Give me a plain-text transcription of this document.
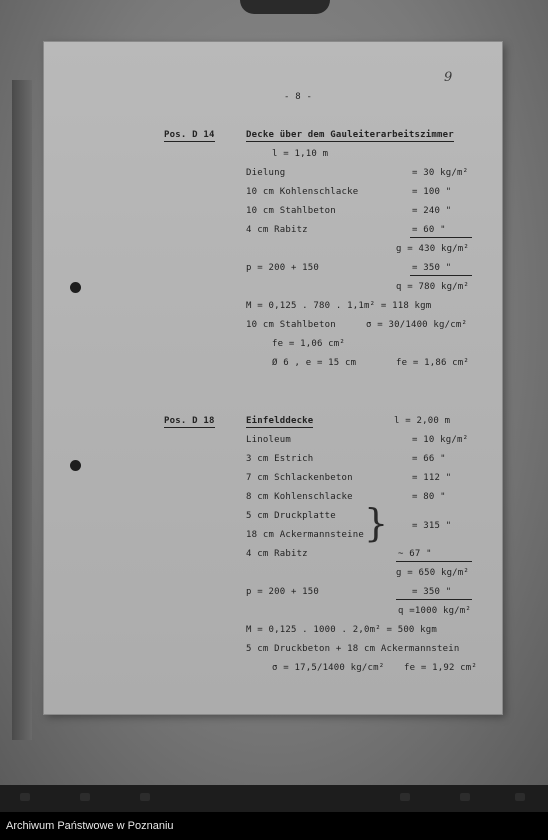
9
- 8 -
Pos. D 14	Decke über dem Gauleiterarbeitszimmer
l = 1,10 m
Dielung	= 30 kg/m²
10 cm Kohlenschlacke	= 100 "
10 cm Stahlbeton	= 240 "
4 cm Rabitz	= 60 "
g = 430 kg/m²
p = 200 + 150	= 350 "
q = 780 kg/m²
M = 0,125 . 780 . 1,1m² = 118 kgm
10 cm Stahlbeton	σ = 30/1400 kg/cm²
fe = 1,06 cm²
Ø 6 , e = 15 cm	fe = 1,86 cm²
Pos. D 18	Einfelddecke	l = 2,00 m
Linoleum	= 10 kg/m²
3 cm Estrich	= 66 "
7 cm Schlackenbeton	= 112 "
8 cm Kohlenschlacke	= 80 "
5 cm Druckplatte
18 cm Ackermannsteine }	= 315 "
4 cm Rabitz	~ 67 "
g = 650 kg/m²
p = 200 + 150	= 350 "
q =1000 kg/m²
M = 0,125 . 1000 . 2,0m² = 500 kgm
5 cm Druckbeton + 18 cm Ackermannstein
σ = 17,5/1400 kg/cm² fe = 1,92 cm²
Archiwum Państwowe w Poznaniu
